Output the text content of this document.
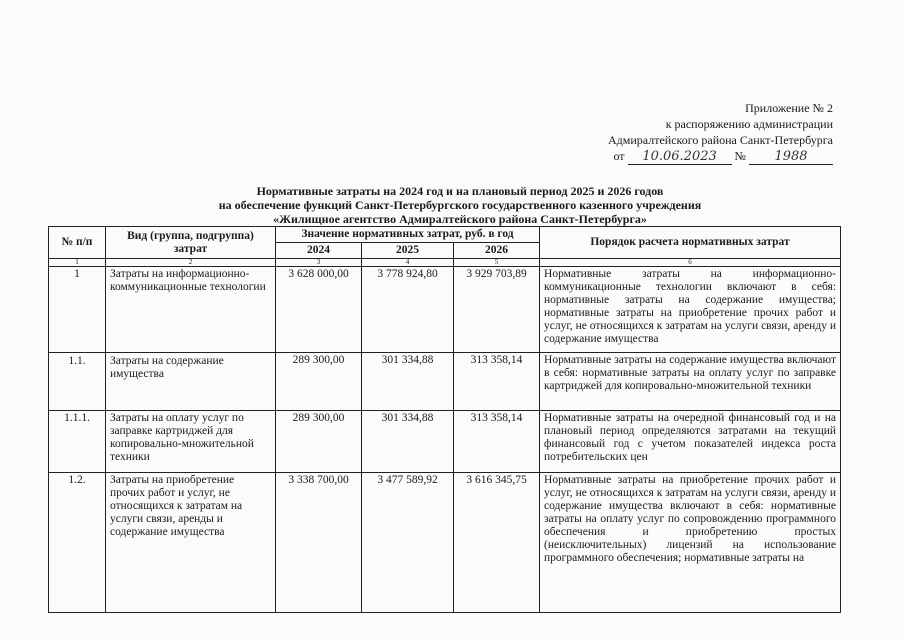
Приложение № 2
к распоряжению администрации
Адмиралтейского района Санкт-Петербурга
от 10.06.2023 № 1988
Нормативные затраты на 2024 год и на плановый период 2025 и 2026 годов
на обеспечение функций Санкт-Петербургского государственного казенного учреждения
«Жилищное агентство Адмиралтейского района Санкт-Петербурга»
№ п/п	Вид (группа, подгруппа) затрат	Значение нормативных затрат, руб. в год			Порядок расчета нормативных затрат
		2024	2025	2026	
1	2	3	4	5	6
1	Затраты на информационно-коммуникационные технологии	3 628 000,00	3 778 924,80	3 929 703,89	Нормативные затраты на информационно-коммуникационные технологии включают в себя: нормативные затраты на содержание имущества; нормативные затраты на приобретение прочих работ и услуг, не относящихся к затратам на услуги связи, аренду и содержание имущества
1.1.	Затраты на содержание имущества	289 300,00	301 334,88	313 358,14	Нормативные затраты на содержание имущества включают в себя: нормативные затраты на оплату услуг по заправке картриджей для копировально-множительной техники
1.1.1.	Затраты на оплату услуг по заправке картриджей для копировально-множительной техники	289 300,00	301 334,88	313 358,14	Нормативные затраты на очередной финансовый год и на плановый период определяются затратами на текущий финансовый год с учетом показателей индекса роста потребительских цен
1.2.	Затраты на приобретение прочих работ и услуг, не относящихся к затратам на услуги связи, аренды и содержание имущества	3 338 700,00	3 477 589,92	3 616 345,75	Нормативные затраты на приобретение прочих работ и услуг, не относящихся к затратам на услуги связи, аренду и содержание имущества включают в себя: нормативные затраты на оплату услуг по сопровождению программного обеспечения и приобретению простых (неисключительных) лицензий на использование программного обеспечения; нормативные затраты на
